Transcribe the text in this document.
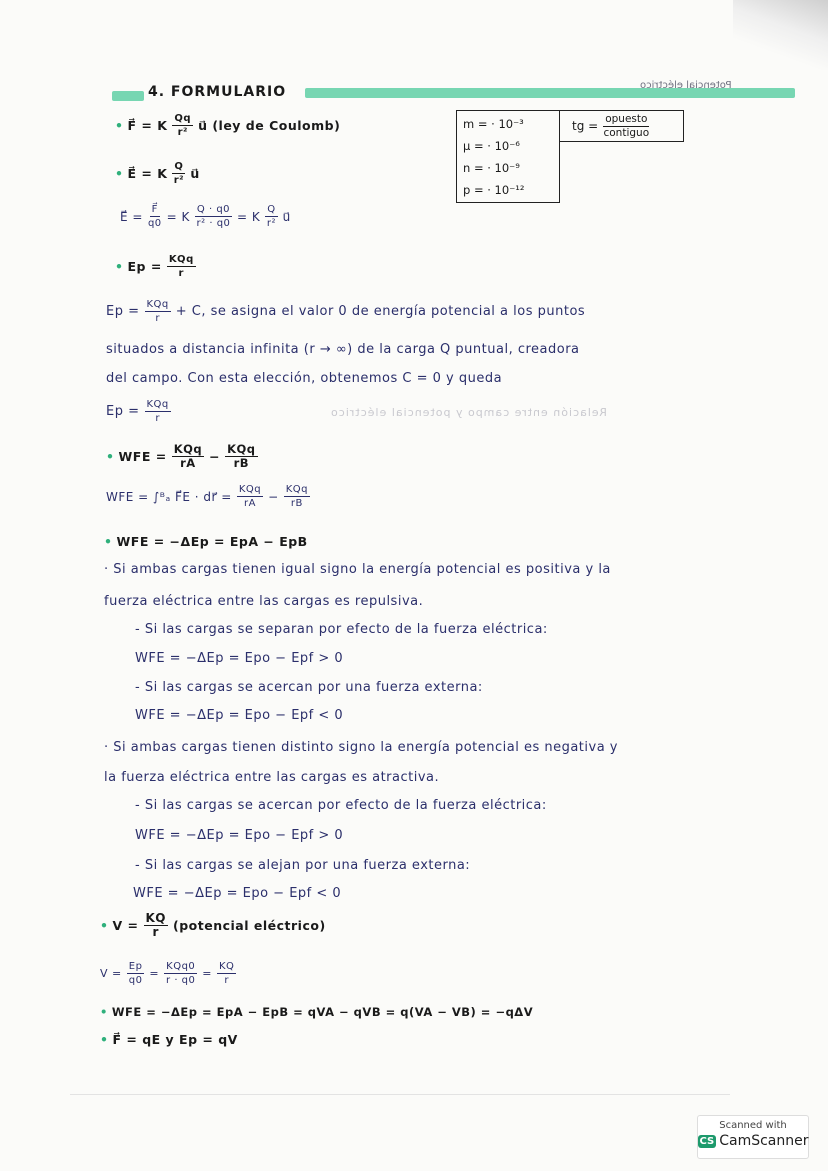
Potencial eléctrico
4. FORMULARIO
m = · 10⁻³
μ = · 10⁻⁶
n = · 10⁻⁹
p = · 10⁻¹²
tg = $\frac{\text{opuesto}}{\text{contiguo}}$
• F⃗ = K $\frac{Qq}{\text{r²}}$ u⃗ (ley de Coulomb)
• E⃗ = K $\frac{Q}{\text{r²}}$ u⃗
E⃗ = $\frac{F⃗}{q0} = K \frac{Q \cdot q0}{\text{r² · q0}} = K \frac{Q}{\text{r²}}$ u⃗
• $Ep = \frac{\text{KQq}}{r}$
$Ep = \frac{\text{KQq}}{r} + C$, se asigna el valor 0 de energía potencial a los puntos
situados a distancia infinita (r → ∞) de la carga Q puntual, creadora
del campo. Con esta elección, obtenemos C = 0 y queda
$Ep = \frac{\text{KQq}}{r}$	Relación entre campo y potencial eléctrico
• WFE = $\frac{\text{KQq}}{rA} - \frac{\text{KQq}}{rB}$
WFE = ∫ᴮₐ F⃗E · dr⃗ = $\frac{\text{KQq}}{rA} - \frac{\text{KQq}}{rB}$
• WFE = −ΔEp = EpA − EpB
· Si ambas cargas tienen igual signo la energía potencial es positiva y la
fuerza eléctrica entre las cargas es repulsiva.
- Si las cargas se separan por efecto de la fuerza eléctrica:
WFE = −ΔEp = Epo − Epf > 0
- Si las cargas se acercan por una fuerza externa:
WFE = −ΔEp = Epo − Epf < 0
· Si ambas cargas tienen distinto signo la energía potencial es negativa y
la fuerza eléctrica entre las cargas es atractiva.
- Si las cargas se acercan por efecto de la fuerza eléctrica:
WFE = −ΔEp = Epo − Epf > 0
- Si las cargas se alejan por una fuerza externa:
WFE = −ΔEp = Epo − Epf < 0
• $V = \frac{KQ}{r}$ (potencial eléctrico)
$V = \frac{Ep}{q0} = \frac{\text{KQq0}}{r \cdot q0} = \frac{KQ}{r}$
• WFE = −ΔEp = EpA − EpB = qVA − qVB = q(VA − VB) = −qΔV
• F⃗ = qE y Ep = qV
Scanned with
CS CamScanner
